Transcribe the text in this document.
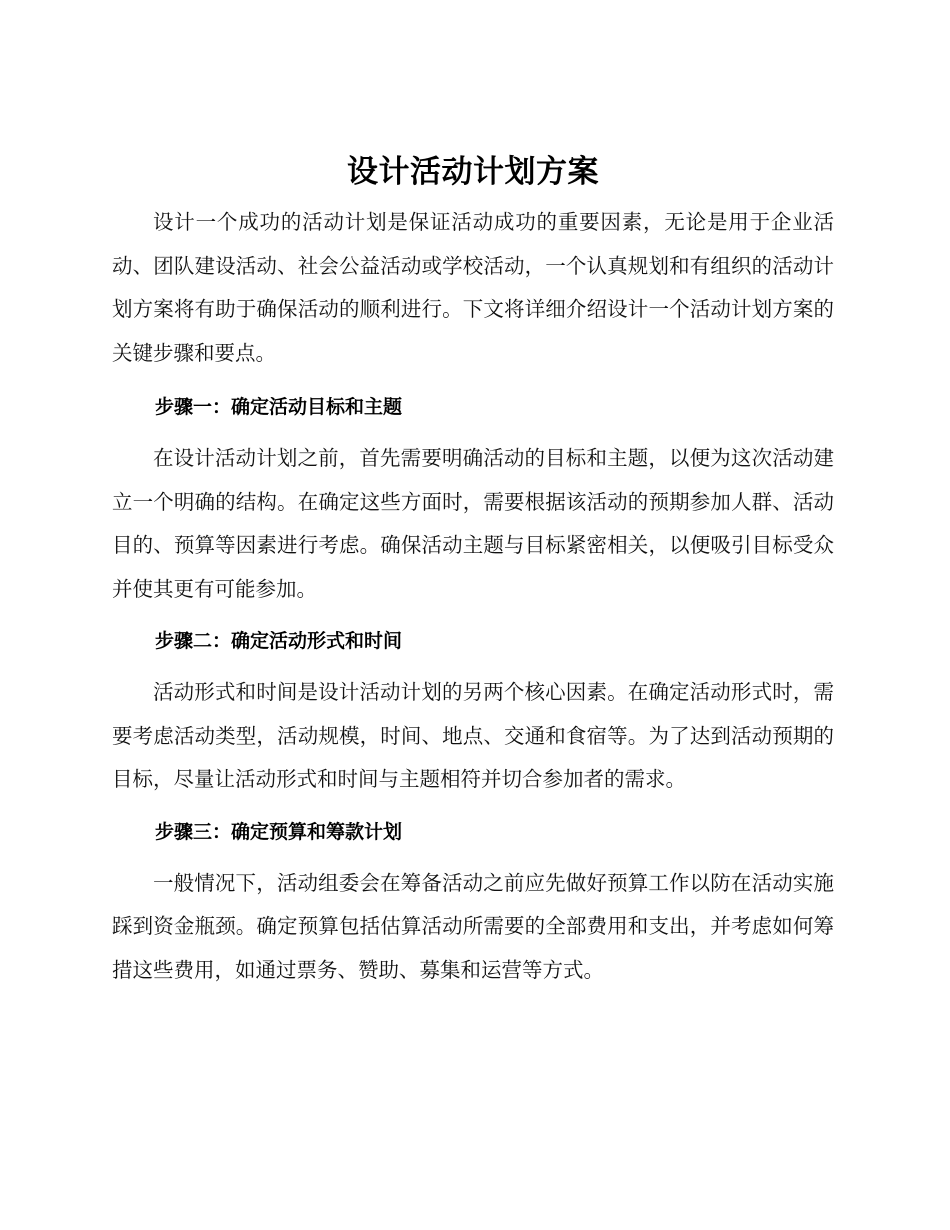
设计活动计划方案

设计一个成功的活动计划是保证活动成功的重要因素，无论是用于企业活动、团队建设活动、社会公益活动或学校活动，一个认真规划和有组织的活动计划方案将有助于确保活动的顺利进行。下文将详细介绍设计一个活动计划方案的关键步骤和要点。

步骤一：确定活动目标和主题

在设计活动计划之前，首先需要明确活动的目标和主题，以便为这次活动建立一个明确的结构。在确定这些方面时，需要根据该活动的预期参加人群、活动目的、预算等因素进行考虑。确保活动主题与目标紧密相关，以便吸引目标受众并使其更有可能参加。

步骤二：确定活动形式和时间

活动形式和时间是设计活动计划的另两个核心因素。在确定活动形式时，需要考虑活动类型，活动规模，时间、地点、交通和食宿等。为了达到活动预期的目标，尽量让活动形式和时间与主题相符并切合参加者的需求。

步骤三：确定预算和筹款计划

一般情况下，活动组委会在筹备活动之前应先做好预算工作以防在活动实施踩到资金瓶颈。确定预算包括估算活动所需要的全部费用和支出，并考虑如何筹措这些费用，如通过票务、赞助、募集和运营等方式。
